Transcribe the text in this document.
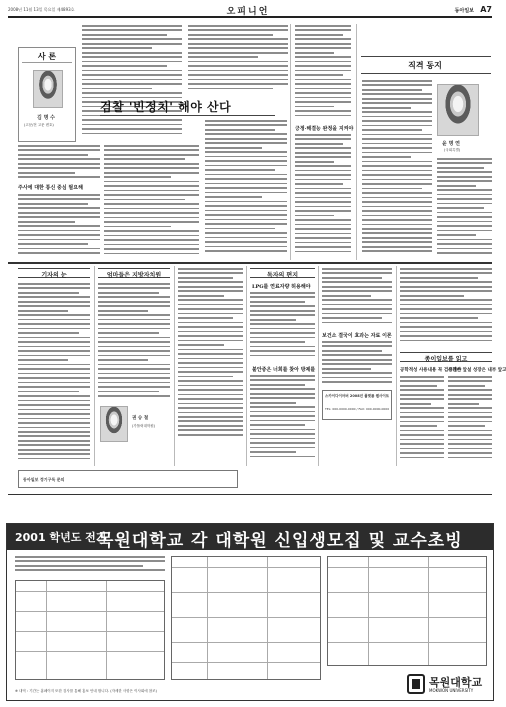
2008년 11월 13일 목요일 제4893호	오피니언	동아일보 A7
사 론
김 명 수
(고문/전 고문 변호)
주사에 대한 통신 중심 필요해
검찰 '빈정치' 해야 산다
긍정·해결능 완정을 지켜야
직격 동지
윤 명 연
(국회특별)
기자의 눈	엄마들은 지방자치원
권 승 철
(가톨릭대학원)
독자의 편지
LPG를 연료자량 허용해야
불안증은 너희를 찾아 방제를
보건소 결국이 효과는 자료 이론
스카이다이어버 2008년 플랫폼 웹사이트
TEL: 000-0000-0000 / FAX: 000-0000-0000
종이일보를 읽고
공학적성 사용내용 꼭 검증해야
시간은 앞설 성장은 내부 앞고
동아일보 정기구독 문의
2001 학년도 전기
목원대학교 각 대학원 신입생모집 및 교수초빙
목원대학교
MOKWON UNIVERSITY
※ 내역 : 기간는 홈페이지 또한 검사를 통해 홍보 안내 합니다. (자세한 사항은 이사회에 참조)
